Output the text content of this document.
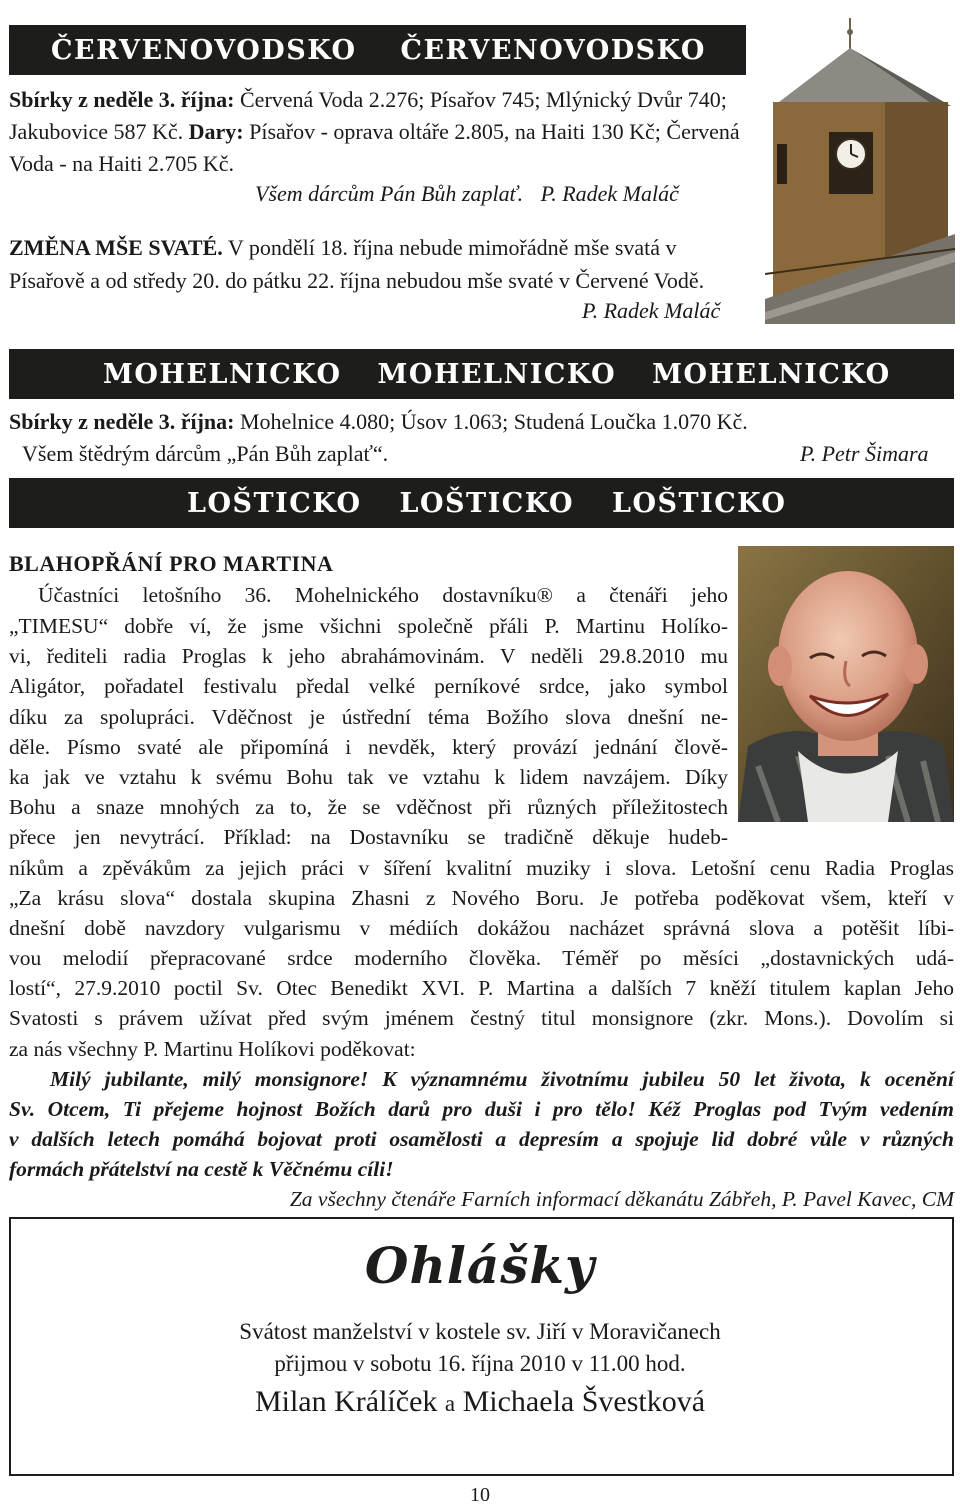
ČERVENOVODSKO ČERVENOVODSKO
Sbírky z neděle 3. října: Červená Voda 2.276; Písařov 745; Mlýnický Dvůr 740; Jakubovice 587 Kč. Dary: Písařov - oprava oltáře 2.805, na Haiti 130 Kč; Červená Voda - na Haiti 2.705 Kč.
Všem dárcům Pán Bůh zaplať. P. Radek Maláč
ZMĚNA MŠE SVATÉ. V pondělí 18. října nebude mimořádně mše svatá v Písařově a od středy 20. do pátku 22. října nebudou mše svaté v Červené Vodě.
P. Radek Maláč
MOHELNICKO MOHELNICKO MOHELNICKO
Sbírky z neděle 3. října: Mohelnice 4.080; Úsov 1.063; Studená Loučka 1.070 Kč.
Všem štědrým dárcům „Pán Bůh zaplať“.	P. Petr Šimara
LOŠTICKO LOŠTICKO LOŠTICKO
BLAHOPŘÁNÍ PRO MARTINA
Účastníci letošního 36. Mohelnického dostavníku® a čtenáři jeho
„TIMESU“ dobře ví, že jsme všichni společně přáli P. Martinu Holíko-
vi, řediteli radia Proglas k jeho abrahámovinám. V neděli 29.8.2010 mu
Aligátor, pořadatel festivalu předal velké perníkové srdce, jako symbol
díku za spolupráci. Vděčnost je ústřední téma Božího slova dnešní ne-
děle. Písmo svaté ale připomíná i nevděk, který provází jednání člově-
ka jak ve vztahu k svému Bohu tak ve vztahu k lidem navzájem. Díky
Bohu a snaze mnohých za to, že se vděčnost při různých příležitostech
přece jen nevytrácí. Příklad: na Dostavníku se tradičně děkuje hudeb-
níkům a zpěvákům za jejich práci v šíření kvalitní muziky i slova. Letošní cenu Radia Proglas
„Za krásu slova“ dostala skupina Zhasni z Nového Boru. Je potřeba poděkovat všem, kteří v
dnešní době navzdory vulgarismu v médiích dokážou nacházet správná slova a potěšit líbi-
vou melodií přepracované srdce moderního člověka. Téměř po měsíci „dostavnických udá-
lostí“, 27.9.2010 poctil Sv. Otec Benedikt XVI. P. Martina a dalších 7 kněží titulem kaplan Jeho
Svatosti s právem užívat před svým jménem čestný titul monsignore (zkr. Mons.). Dovolím si
za nás všechny P. Martinu Holíkovi poděkovat:
Milý jubilante, milý monsignore! K významnému životnímu jubileu 50 let života, k ocenění
Sv. Otcem, Ti přejeme hojnost Božích darů pro duši i pro tělo! Kéž Proglas pod Tvým vedením
v dalších letech pomáhá bojovat proti osamělosti a depresím a spojuje lid dobré vůle v různých
formách přátelství na cestě k Věčnému cíli!
Za všechny čtenáře Farních informací děkanátu Zábřeh, P. Pavel Kavec, CM
Ohlášky
Svátost manželství v kostele sv. Jiří v Moravičanech
přijmou v sobotu 16. října 2010 v 11.00 hod.
Milan Králíček a Michaela Švestková
10
